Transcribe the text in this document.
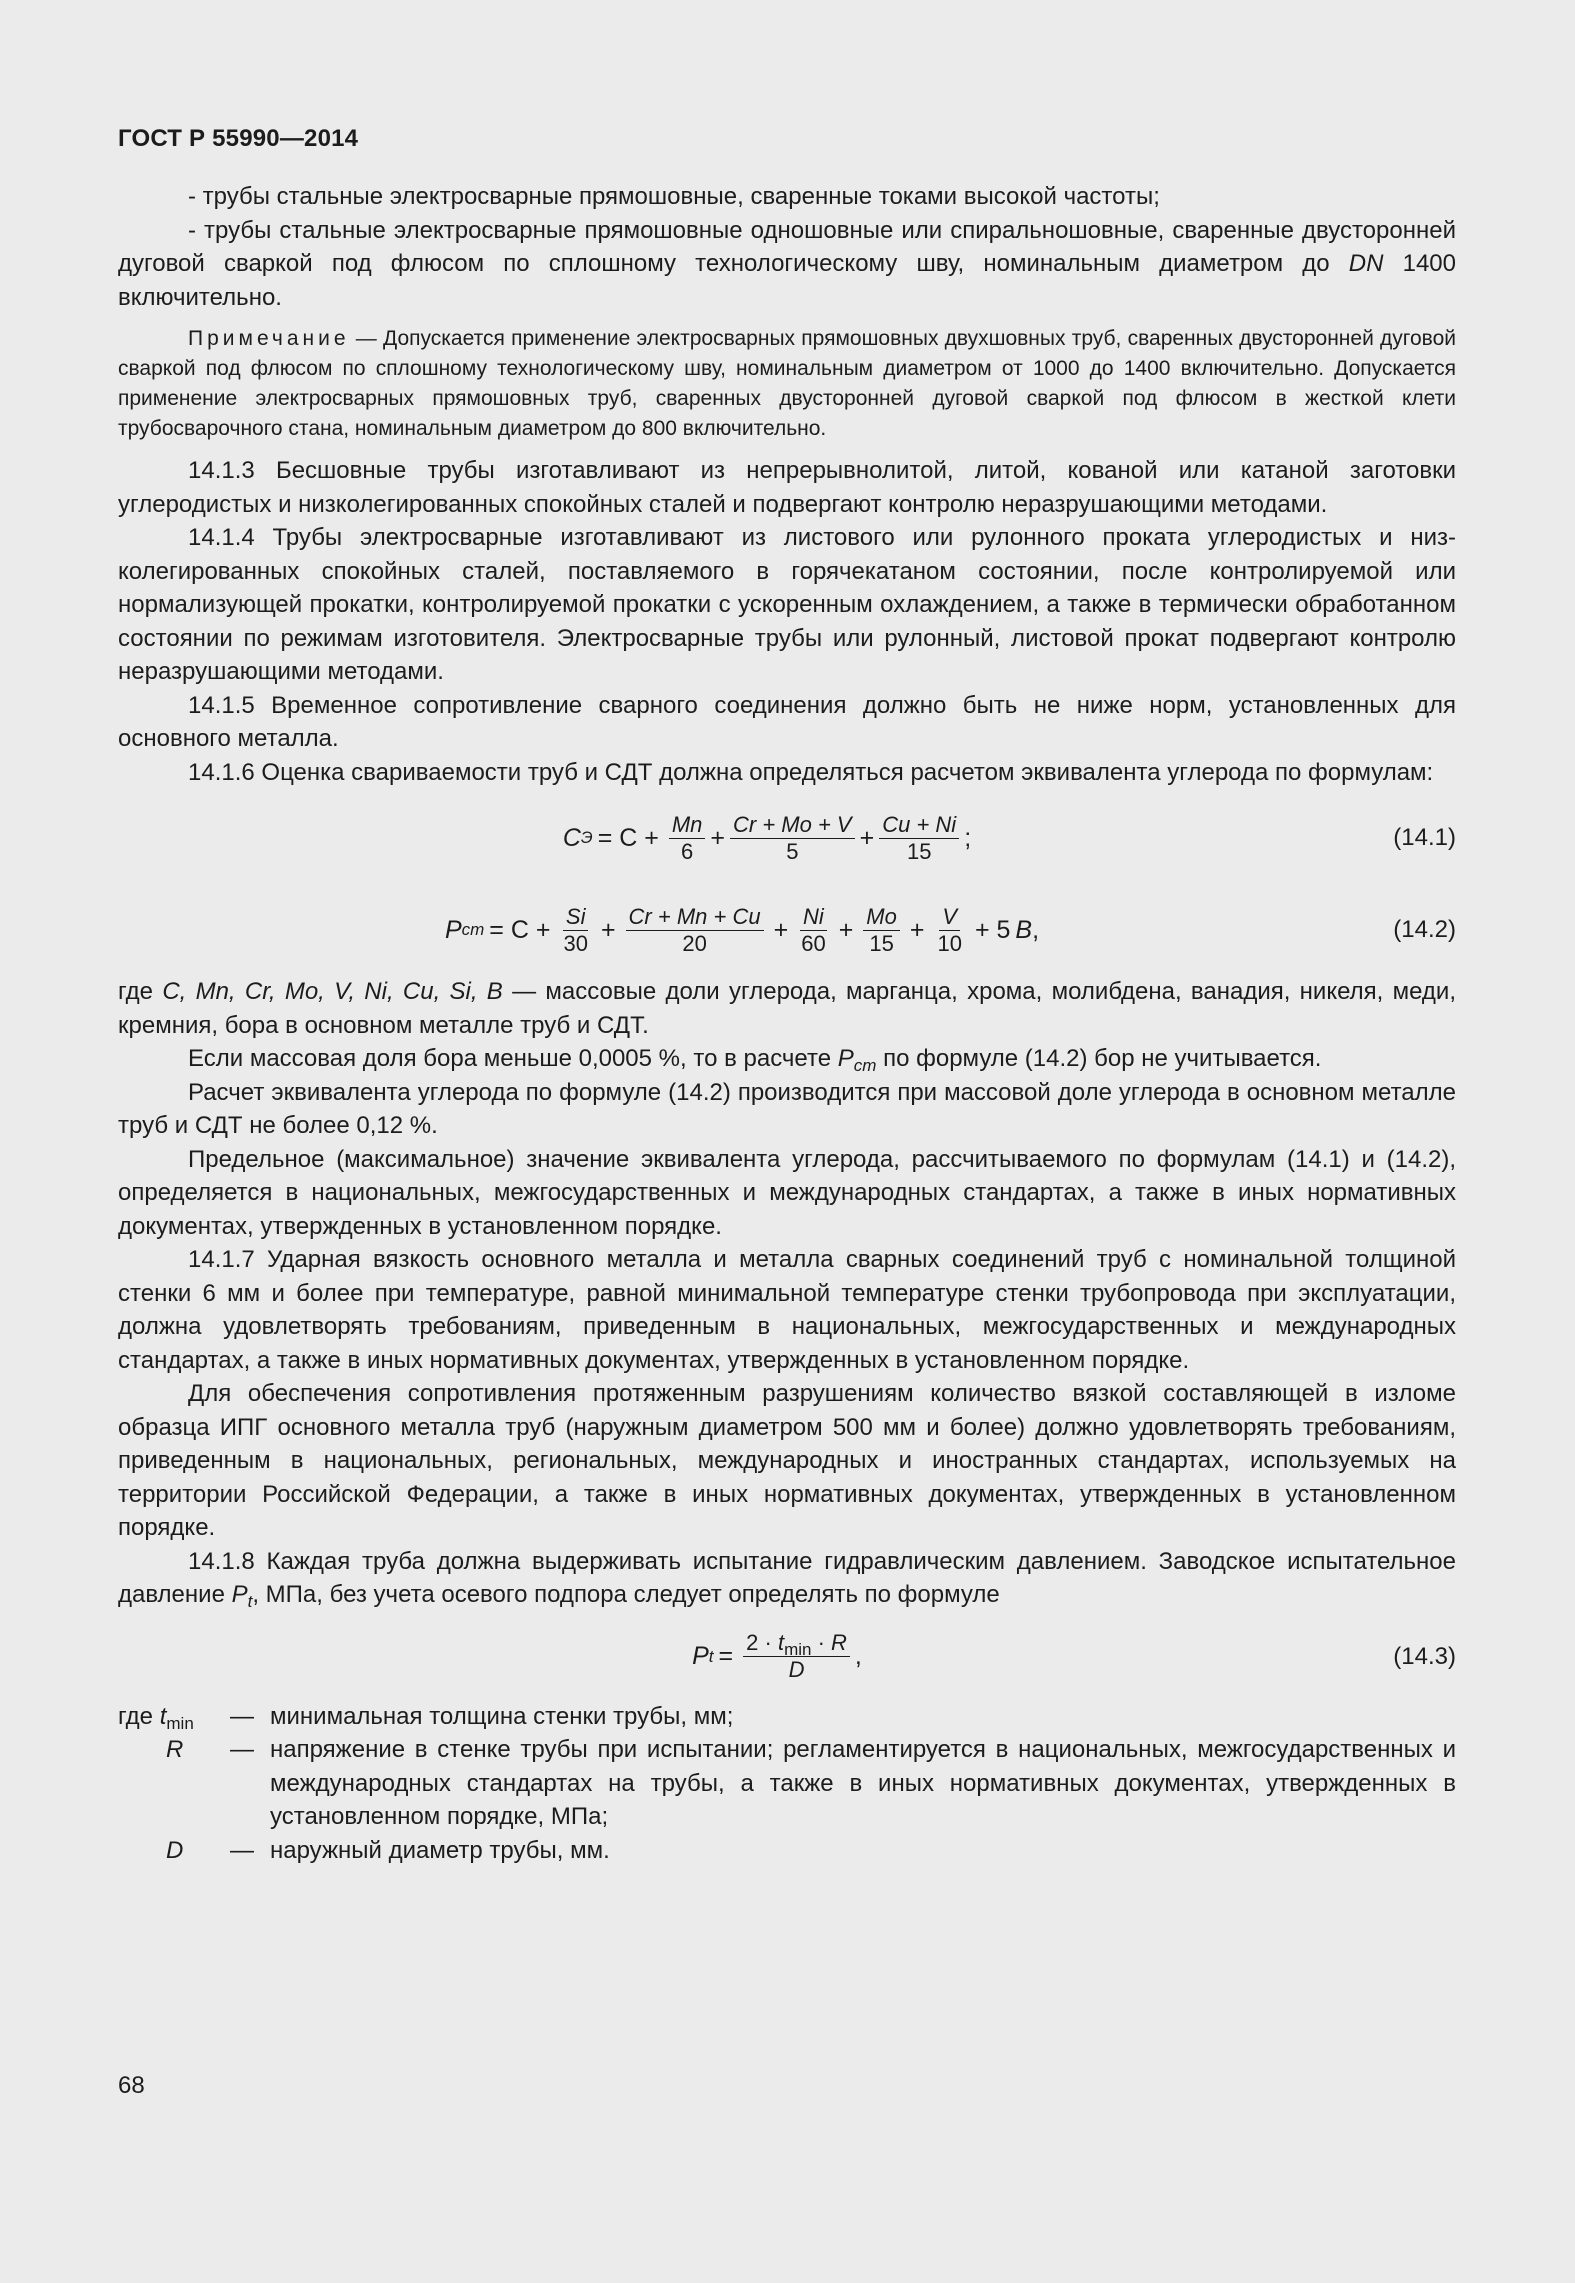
ГОСТ Р 55990—2014

- трубы стальные электросварные прямошовные, сваренные токами высокой частоты;

- трубы стальные электросварные прямошовные одношовные или спиральношовные, сваренные двусторонней дуговой сваркой под флюсом по сплошному технологическому шву, номинальным диаметром до DN 1400 включительно.

Примечание — Допускается применение электросварных прямошовных двухшовных труб, сваренных двусторонней дуговой сваркой под флюсом по сплошному технологическому шву, номинальным диаметром от 1000 до 1400 включительно. Допускается применение электросварных прямошовных труб, сваренных двусторонней дуговой сваркой под флюсом в жесткой клети трубосварочного стана, номинальным диаметром до 800 включительно.

14.1.3 Бесшовные трубы изготавливают из непрерывнолитой, литой, кованой или катаной заготовки углеродистых и низколегированных спокойных сталей и подвергают контролю неразрушающими методами.

14.1.4 Трубы электросварные изготавливают из листового или рулонного проката углеродистых и низколегированных спокойных сталей, поставляемого в горячекатаном состоянии, после контролируемой или нормализующей прокатки, контролируемой прокатки с ускоренным охлаждением, а также в термически обработанном состоянии по режимам изготовителя. Электросварные трубы или рулонный, листовой прокат подвергают контролю неразрушающими методами.

14.1.5 Временное сопротивление сварного соединения должно быть не ниже норм, установленных для основного металла.

14.1.6 Оценка свариваемости труб и СДТ должна определяться расчетом эквивалента углерода по формулам:

С $Э = C + \frac{Mn}{6} + \frac{Cr + Mo + V}{5} + \frac{Cu + Ni}{15}$ ;	(14.1)
P cm = $C + \frac{Si}{30} + \frac{Cr + Mn + Cu}{20} + \frac{Ni}{60} + \frac{Mo}{15} + \frac{V}{10} + 5$ B ,	(14.2)

где C, Mn, Cr, Mo, V, Ni, Cu, Si, B — массовые доли углерода, марганца, хрома, молибдена, ванадия, никеля, меди, кремния, бора в основном металле труб и СДТ.

Если массовая доля бора меньше 0,0005 %, то в расчете $P_{cm}$ по формуле (14.2) бор не учитывается.

Расчет эквивалента углерода по формуле (14.2) производится при массовой доле углерода в основном металле труб и СДТ не более 0,12 %.

Предельное (максимальное) значение эквивалента углерода, рассчитываемого по формулам (14.1) и (14.2), определяется в национальных, межгосударственных и международных стандартах, а также в иных нормативных документах, утвержденных в установленном порядке.

14.1.7 Ударная вязкость основного металла и металла сварных соединений труб с номинальной толщиной стенки 6 мм и более при температуре, равной минимальной температуре стенки трубопровода при эксплуатации, должна удовлетворять требованиям, приведенным в национальных, межгосударственных и международных стандартах, а также в иных нормативных документах, утвержденных в установленном порядке.

Для обеспечения сопротивления протяженным разрушениям количество вязкой составляющей в изломе образца ИПГ основного металла труб (наружным диаметром 500 мм и более) должно удовлетворять требованиям, приведенным в национальных, региональных, международных и иностранных стандартах, используемых на территории Российской Федерации, а также в иных нормативных документах, утвержденных в установленном порядке.

14.1.8 Каждая труба должна выдерживать испытание гидравлическим давлением. Заводское испытательное давление $P_t$, МПа, без учета осевого подпора следует определять по формуле

P $t = \frac{2 \cdot t_{min} \cdot R}{D}$ ,	(14.3)
где $t_{min}$	— минимальная толщина стенки трубы, мм;
R	— напряжение в стенке трубы при испытании; регламентируется в национальных, межгосударственных и международных стандартах на трубы, а также в иных нормативных документах, утвержденных в установленном порядке, МПа;
D	— наружный диаметр трубы, мм.
68
